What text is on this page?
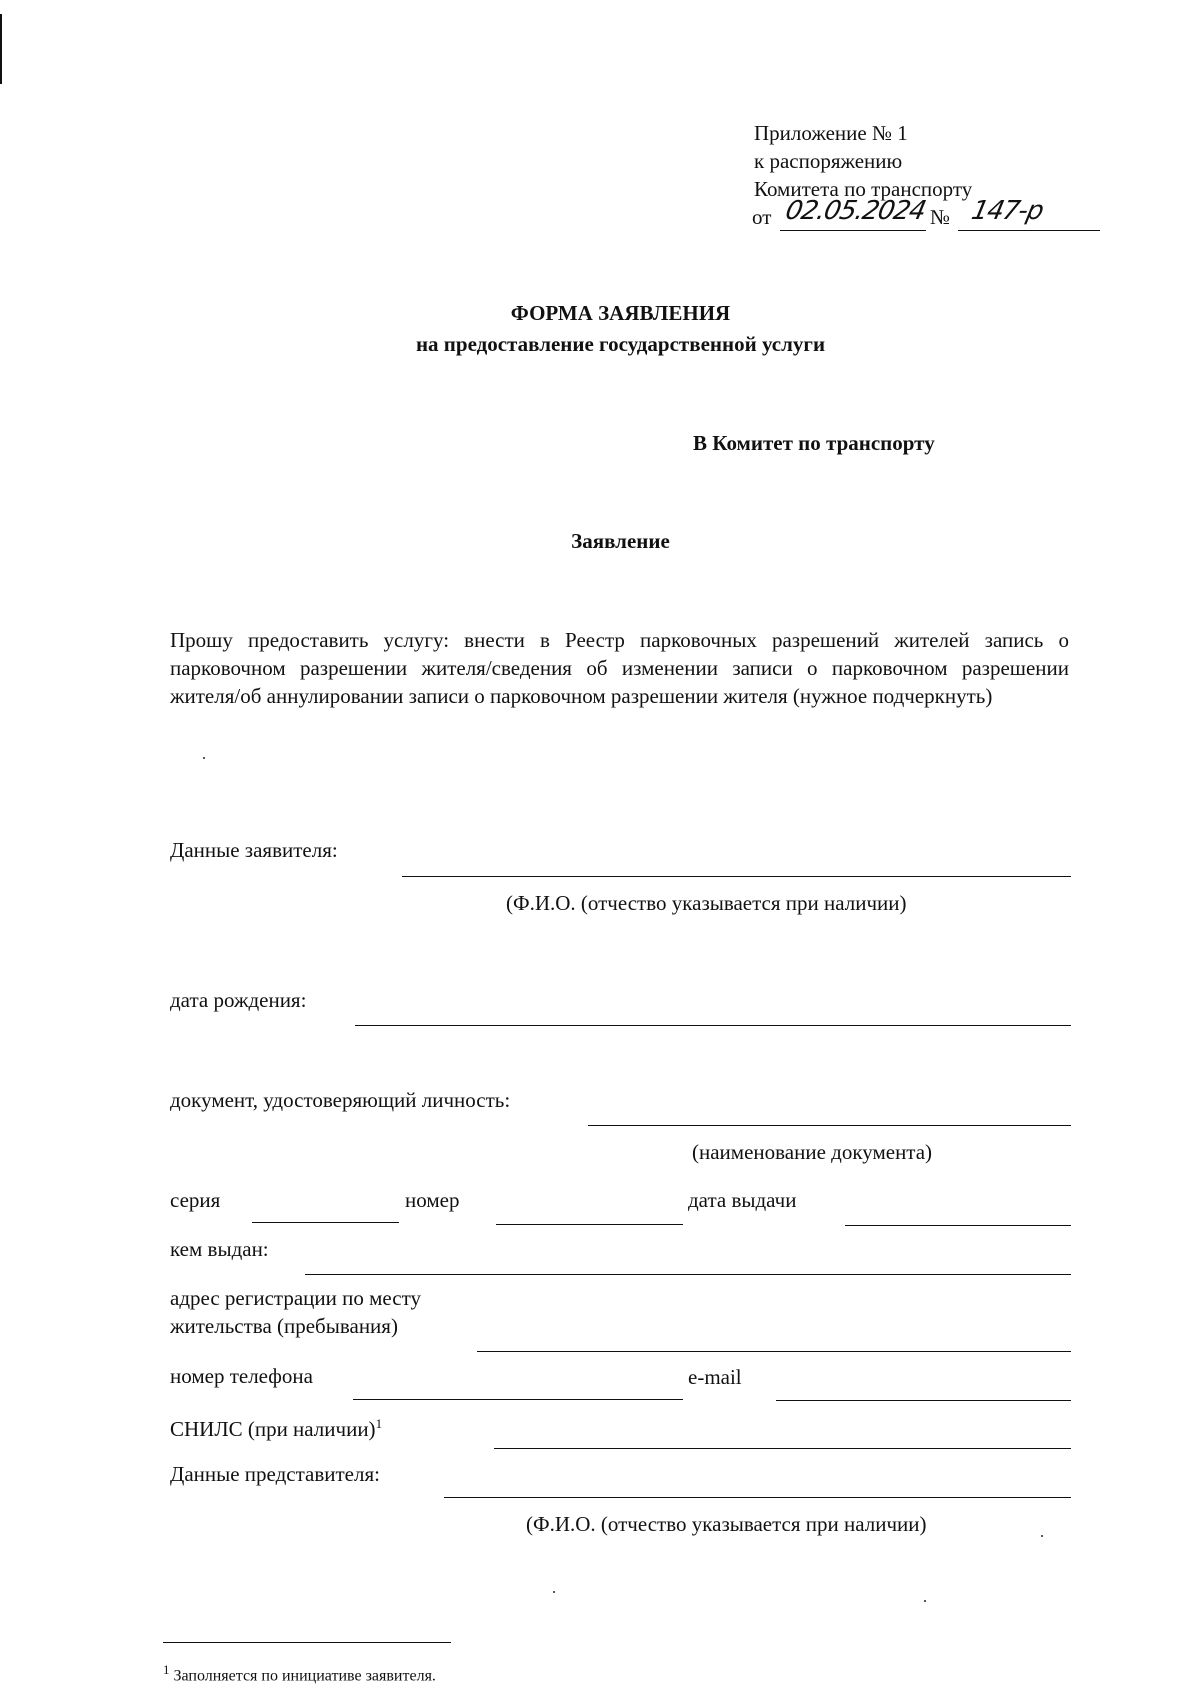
Приложение № 1
к распоряжению
Комитета по транспорту
от 02.05.2024 № 147-р
ФОРМА ЗАЯВЛЕНИЯ
на предоставление государственной услуги
В Комитет по транспорту
Заявление
Прошу предоставить услугу: внести в Реестр парковочных разрешений жителей запись о парковочном разрешении жителя/сведения об изменении записи о парковочном разрешении жителя/об аннулировании записи о парковочном разрешении жителя (нужное подчеркнуть)
Данные заявителя:
(Ф.И.О. (отчество указывается при наличии)
дата рождения:
документ, удостоверяющий личность:
(наименование документа)
серия	номер	дата выдачи
кем выдан:
адрес регистрации по месту
жительства (пребывания)
номер телефона	e-mail
СНИЛС (при наличии)$^1$
Данные представителя:
(Ф.И.О. (отчество указывается при наличии)
$^1$ Заполняется по инициативе заявителя.
